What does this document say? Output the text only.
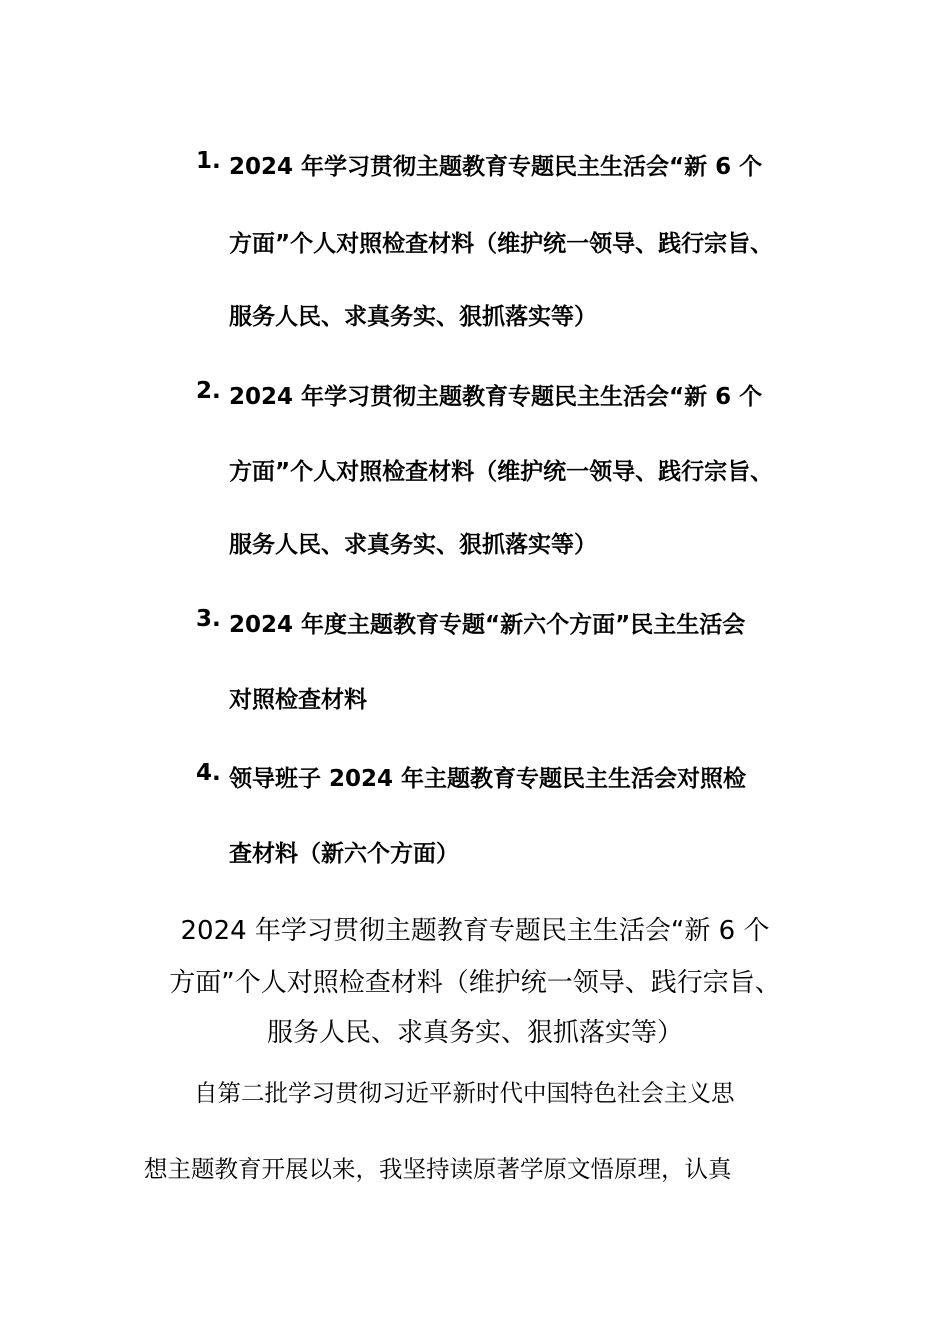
1. 2024 年学习贯彻主题教育专题民主生活会“新 6 个
方面”个人对照检查材料（维护统一领导、践行宗旨、
服务人民、求真务实、狠抓落实等）
2. 2024 年学习贯彻主题教育专题民主生活会“新 6 个
方面”个人对照检查材料（维护统一领导、践行宗旨、
服务人民、求真务实、狠抓落实等）
3. 2024 年度主题教育专题“新六个方面”民主生活会
对照检查材料
4. 领导班子 2024 年主题教育专题民主生活会对照检
查材料（新六个方面）
2024 年学习贯彻主题教育专题民主生活会“新 6 个
方面”个人对照检查材料（维护统一领导、践行宗旨、
服务人民、求真务实、狠抓落实等）
自第二批学习贯彻习近平新时代中国特色社会主义思
想主题教育开展以来，我坚持读原著学原文悟原理，认真
